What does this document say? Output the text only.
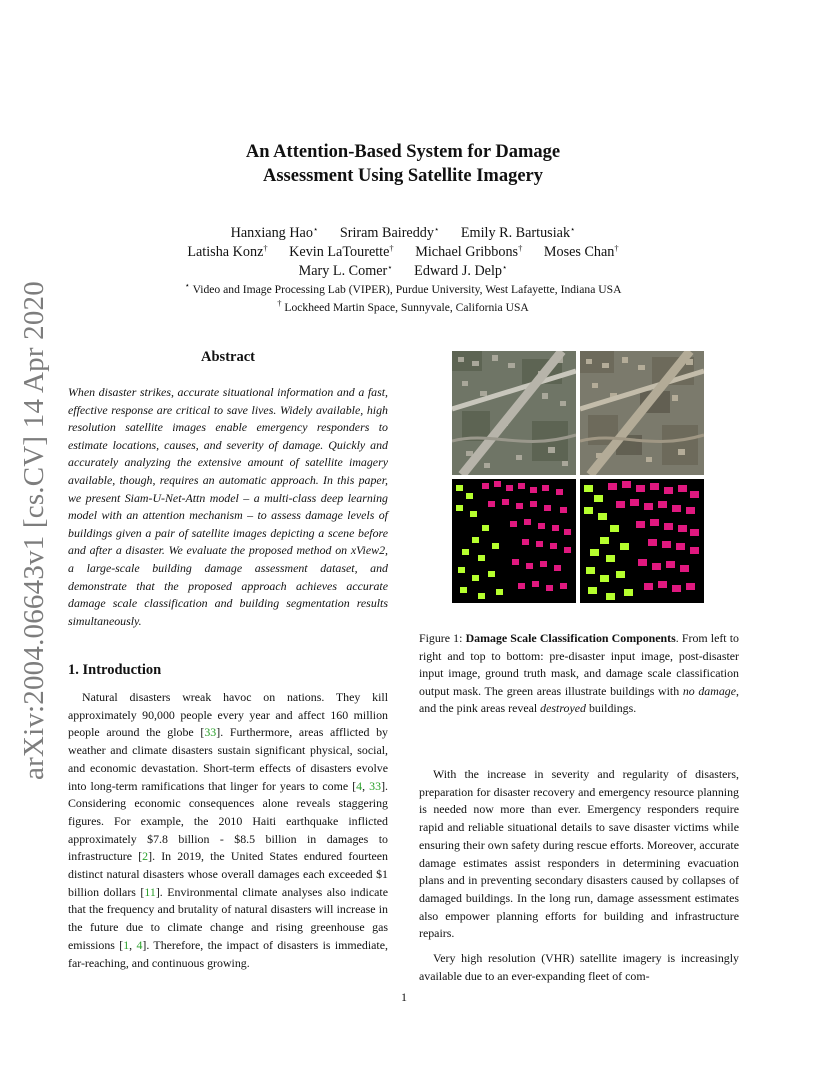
arXiv:2004.06643v1 [cs.CV] 14 Apr 2020
An Attention-Based System for Damage
Assessment Using Satellite Imagery
Hanxiang Hao⋆ Sriram Baireddy⋆ Emily R. Bartusiak⋆
Latisha Konz† Kevin LaTourette† Michael Gribbons† Moses Chan†
Mary L. Comer⋆ Edward J. Delp⋆
⋆ Video and Image Processing Lab (VIPER), Purdue University, West Lafayette, Indiana USA
† Lockheed Martin Space, Sunnyvale, California USA
Abstract

When disaster strikes, accurate situational information and a fast, effective response are critical to save lives. Widely available, high resolution satellite images enable emergency responders to estimate locations, causes, and severity of damage. Quickly and accurately analyzing the extensive amount of satellite imagery available, though, requires an automatic approach. In this paper, we present Siam-U-Net-Attn model – a multi-class deep learning model with an attention mechanism – to assess damage levels of buildings given a pair of satellite images depicting a scene before and after a disaster. We evaluate the proposed method on xView2, a large-scale building damage assessment dataset, and demonstrate that the proposed approach achieves accurate damage scale classification and building segmentation results simultaneously.

1. Introduction

Natural disasters wreak havoc on nations. They kill approximately 90,000 people every year and affect 160 million people around the globe [33]. Furthermore, areas afflicted by weather and climate disasters sustain significant physical, social, and economic devastation. Short-term effects of disasters evolve into long-term ramifications that linger for years to come [4, 33]. Considering economic consequences alone reveals staggering figures. For example, the 2010 Haiti earthquake inflicted approximately $7.8 billion - $8.5 billion in damages to infrastructure [2]. In 2019, the United States endured fourteen distinct natural disasters whose overall damages each exceeded $1 billion dollars [11]. Environmental climate analyses also indicate that the frequency and brutality of natural disasters will increase in the future due to climate change and rising greenhouse gas emissions [1, 4]. Therefore, the impact of disasters is immediate, far-reaching, and continuous growing.

Figure 1: Damage Scale Classification Components. From left to right and top to bottom: pre-disaster input image, post-disaster input image, ground truth mask, and damage scale classification output mask. The green areas illustrate buildings with no damage, and the pink areas reveal destroyed buildings.

With the increase in severity and regularity of disasters, preparation for disaster recovery and emergency resource planning is needed now more than ever. Emergency responders require rapid and reliable situational details to save disaster victims while ensuring their own safety during rescue efforts. Moreover, accurate damage estimates assist responders in determining evacuation plans and in preventing secondary disasters caused by collapses of damaged buildings. In the long run, damage assessment estimates also empower planning efforts for building and infrastructure repairs.

Very high resolution (VHR) satellite imagery is increasingly available due to an ever-expanding fleet of com-

1
